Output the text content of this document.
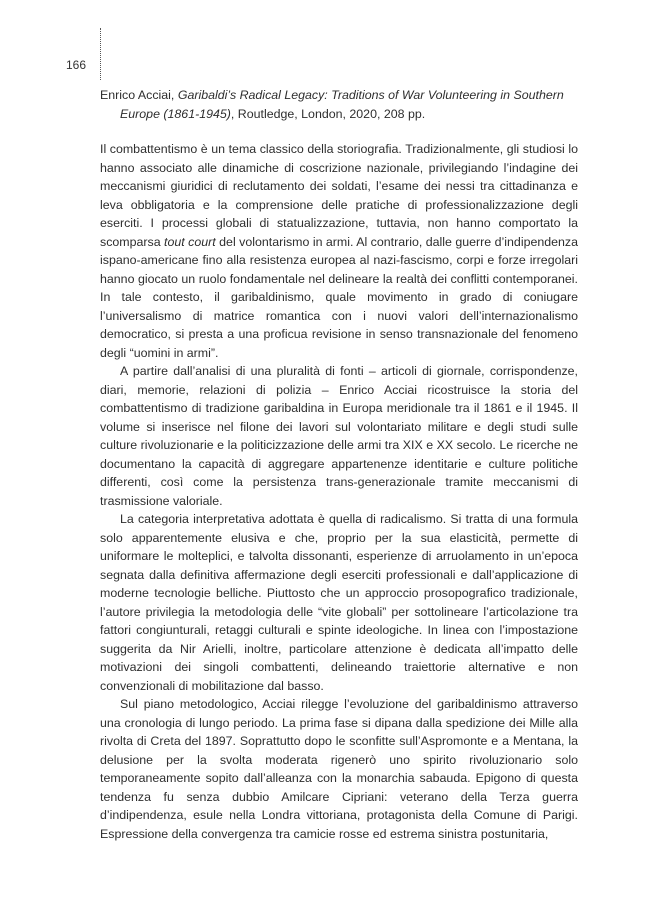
166
Enrico Acciai, Garibaldi’s Radical Legacy: Traditions of War Volunteering in Southern Europe (1861-1945), Routledge, London, 2020, 208 pp.

Il combattentismo è un tema classico della storiografia. Tradizionalmente, gli studiosi lo hanno associato alle dinamiche di coscrizione nazionale, privilegiando l’indagine dei meccanismi giuridici di reclutamento dei soldati, l’esame dei nessi tra cittadinanza e leva obbligatoria e la comprensione delle pratiche di professionalizzazione degli eserciti. I processi globali di statualizzazione, tuttavia, non hanno comportato la scomparsa tout court del volontarismo in armi. Al contrario, dalle guerre d’indipendenza ispano-americane fino alla resistenza europea al nazi-fascismo, corpi e forze irregolari hanno giocato un ruolo fondamentale nel delineare la realtà dei conflitti contemporanei. In tale contesto, il garibaldinismo, quale movimento in grado di coniugare l’universalismo di matrice romantica con i nuovi valori dell’internazionalismo democratico, si presta a una proficua revisione in senso transnazionale del fenomeno degli “uomini in armi”.

A partire dall’analisi di una pluralità di fonti – articoli di giornale, corrispondenze, diari, memorie, relazioni di polizia – Enrico Acciai ricostruisce la storia del combattentismo di tradizione garibaldina in Europa meridionale tra il 1861 e il 1945. Il volume si inserisce nel filone dei lavori sul volontariato militare e degli studi sulle culture rivoluzionarie e la politicizzazione delle armi tra XIX e XX secolo. Le ricerche ne documentano la capacità di aggregare appartenenze identitarie e culture politiche differenti, così come la persistenza trans-generazionale tramite meccanismi di trasmissione valoriale.

La categoria interpretativa adottata è quella di radicalismo. Si tratta di una formula solo apparentemente elusiva e che, proprio per la sua elasticità, permette di uniformare le molteplici, e talvolta dissonanti, esperienze di arruolamento in un’epoca segnata dalla definitiva affermazione degli eserciti professionali e dall’applicazione di moderne tecnologie belliche. Piuttosto che un approccio prosopografico tradizionale, l’autore privilegia la metodologia delle “vite globali” per sottolineare l’articolazione tra fattori congiunturali, retaggi culturali e spinte ideologiche. In linea con l’impostazione suggerita da Nir Arielli, inoltre, particolare attenzione è dedicata all’impatto delle motivazioni dei singoli combattenti, delineando traiettorie alternative e non convenzionali di mobilitazione dal basso.

Sul piano metodologico, Acciai rilegge l’evoluzione del garibaldinismo attraverso una cronologia di lungo periodo. La prima fase si dipana dalla spedizione dei Mille alla rivolta di Creta del 1897. Soprattutto dopo le sconfitte sull’Aspromonte e a Mentana, la delusione per la svolta moderata rigenerò uno spirito rivoluzionario solo temporaneamente sopito dall’alleanza con la monarchia sabauda. Epigono di questa tendenza fu senza dubbio Amilcare Cipriani: veterano della Terza guerra d’indipendenza, esule nella Londra vittoriana, protagonista della Comune di Parigi. Espressione della convergenza tra camicie rosse ed estrema sinistra postunitaria,
